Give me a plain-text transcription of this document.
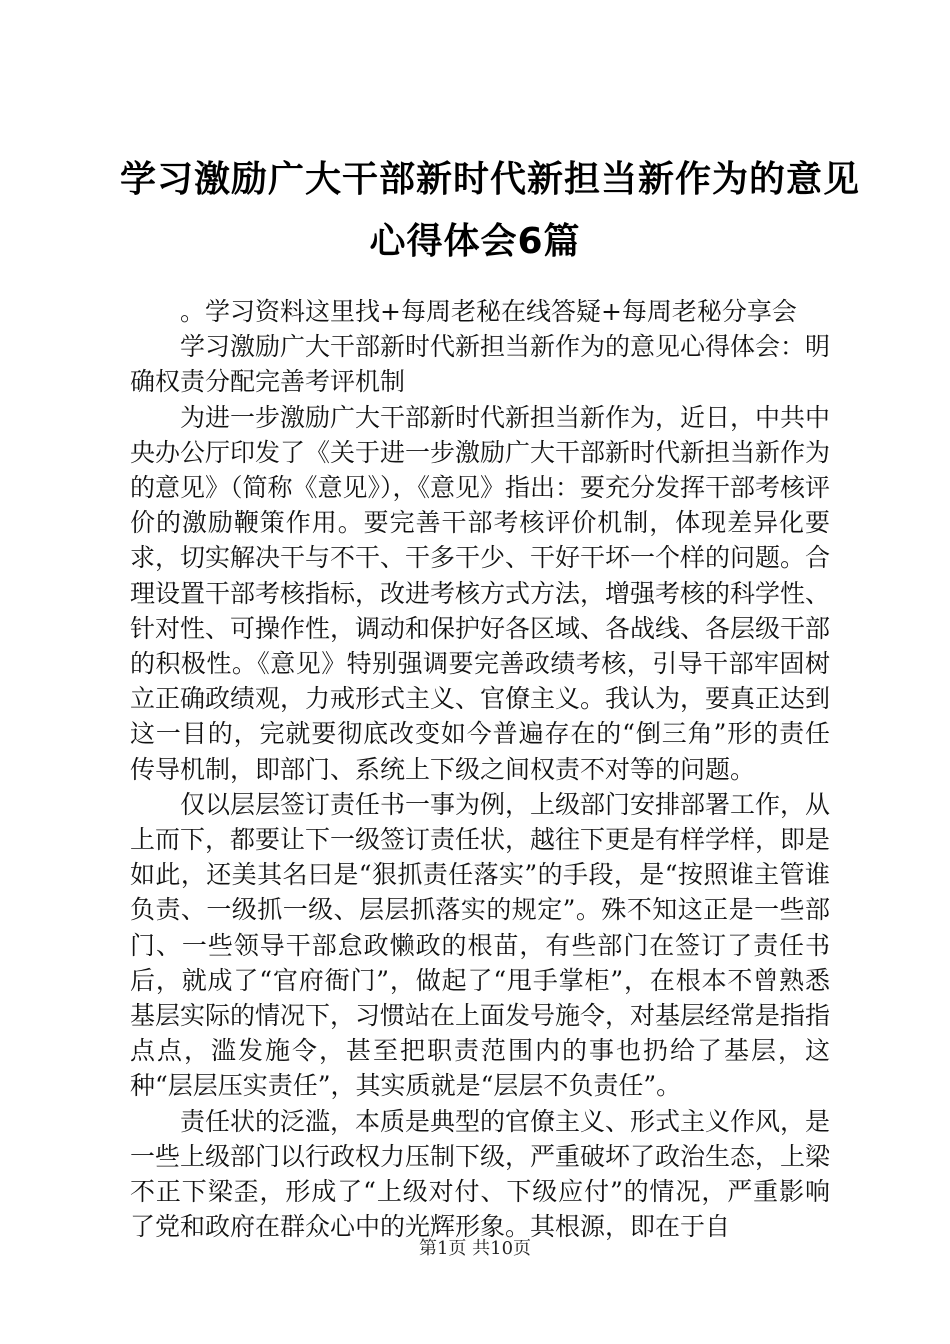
学习激励广大干部新时代新担当新作为的意见
心得体会6篇

。学习资料这里找+每周老秘在线答疑+每周老秘分享会

学习激励广大干部新时代新担当新作为的意见心得体会：明确权责分配完善考评机制

为进一步激励广大干部新时代新担当新作为，近日，中共中央办公厅印发了《关于进一步激励广大干部新时代新担当新作为的意见》（简称《意见》），《意见》指出：要充分发挥干部考核评价的激励鞭策作用。要完善干部考核评价机制，体现差异化要求，切实解决干与不干、干多干少、干好干坏一个样的问题。合理设置干部考核指标，改进考核方式方法，增强考核的科学性、针对性、可操作性，调动和保护好各区域、各战线、各层级干部的积极性。《意见》特别强调要完善政绩考核，引导干部牢固树立正确政绩观，力戒形式主义、官僚主义。我认为，要真正达到这一目的，完就要彻底改变如今普遍存在的“倒三角”形的责任传导机制，即部门、系统上下级之间权责不对等的问题。

仅以层层签订责任书一事为例，上级部门安排部署工作，从上而下，都要让下一级签订责任状，越往下更是有样学样，即是如此，还美其名曰是“狠抓责任落实”的手段，是“按照谁主管谁负责、一级抓一级、层层抓落实的规定”。殊不知这正是一些部门、一些领导干部怠政懒政的根苗，有些部门在签订了责任书后，就成了“官府衙门”，做起了“甩手掌柜”，在根本不曾熟悉基层实际的情况下，习惯站在上面发号施令，对基层经常是指指点点，滥发施令，甚至把职责范围内的事也扔给了基层，这种“层层压实责任”，其实质就是“层层不负责任”。

责任状的泛滥，本质是典型的官僚主义、形式主义作风，是一些上级部门以行政权力压制下级，严重破坏了政治生态，上梁不正下梁歪，形成了“上级对付、下级应付”的情况，严重影响了党和政府在群众心中的光辉形象。其根源，即在于自

第1页 共10页
